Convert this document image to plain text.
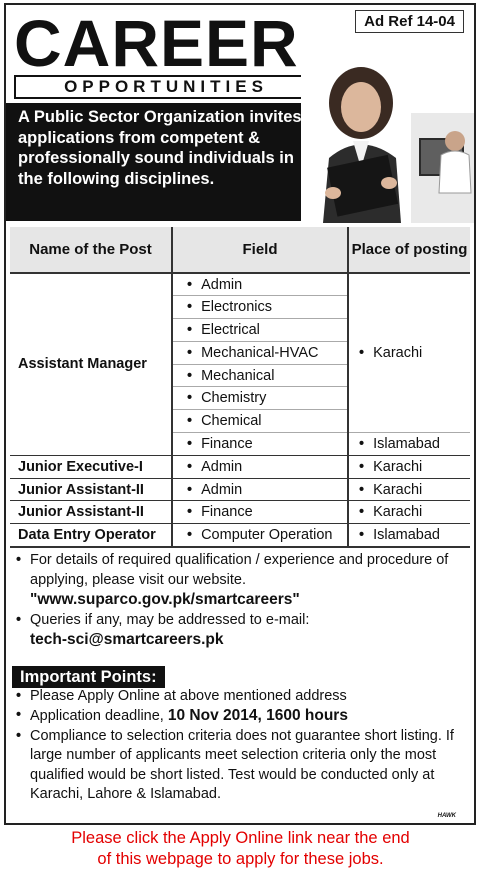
CAREER
OPPORTUNITIES
Ad Ref 14-04
A Public Sector Organization invites applications from competent & professionally sound individuals in the following disciplines.
Name of the Post	Field	Place of posting
Assistant Manager	• Admin	• Karachi
	• Electronics
	• Electrical
	• Mechanical-HVAC
	• Mechanical
	• Chemistry
	• Chemical
	• Finance	• Islamabad
Junior Executive-I	• Admin	• Karachi
Junior Assistant-II	• Admin	• Karachi
Junior Assistant-II	• Finance	• Karachi
Data Entry Operator	• Computer Operation	• Islamabad
• For details of required qualification / experience and procedure of applying, please visit our website.
"www.suparco.gov.pk/smartcareers"
• Queries if any, may be addressed to e-mail:
tech-sci@smartcareers.pk
Important Points:
• Please Apply Online at above mentioned address
• Application deadline, 10 Nov 2014, 1600 hours
• Compliance to selection criteria does not guarantee short listing. If large number of applicants meet selection criteria only the most qualified would be short listed. Test would be conducted only at Karachi, Lahore & Islamabad.
HAWK
Please click the Apply Online link near the end
of this webpage to apply for these jobs.
